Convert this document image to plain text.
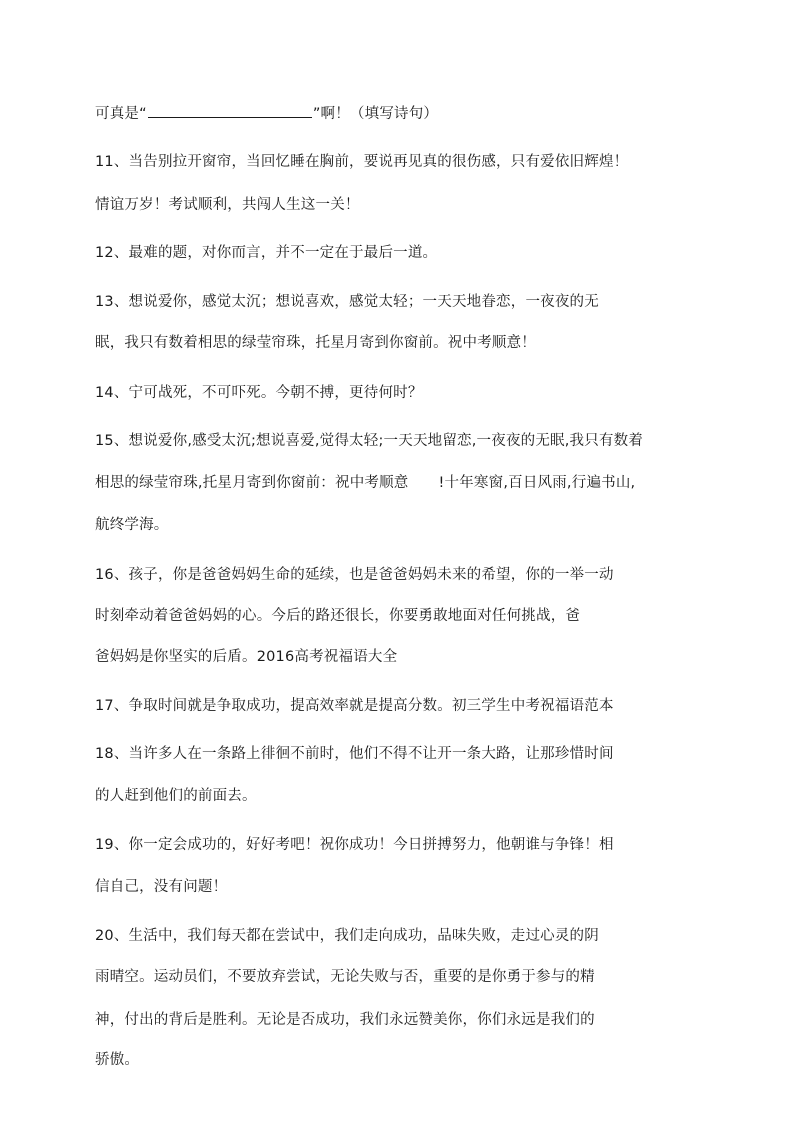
可真是“	”啊！（填写诗句）
11、当告别拉开窗帘，当回忆睡在胸前，要说再见真的很伤感，只有爱依旧辉煌！
情谊万岁！考试顺利，共闯人生这一关！
12、最难的题，对你而言，并不一定在于最后一道。
13、想说爱你，感觉太沉；想说喜欢，感觉太轻；一天天地眷恋，一夜夜的无
眠，我只有数着相思的绿莹帘珠，托星月寄到你窗前。祝中考顺意！
14、宁可战死，不可吓死。今朝不搏，更待何时？
15、想说爱你,感受太沉;想说喜爱,觉得太轻;一天天地留恋,一夜夜的无眠,我只有数着
相思的绿莹帘珠,托星月寄到你窗前：祝中考顺意 !十年寒窗,百日风雨,行遍书山,
航终学海。
16、孩子，你是爸爸妈妈生命的延续，也是爸爸妈妈未来的希望，你的一举一动
时刻牵动着爸爸妈妈的心。今后的路还很长，你要勇敢地面对任何挑战，爸
爸妈妈是你坚实的后盾。2016高考祝福语大全
17、争取时间就是争取成功，提高效率就是提高分数。初三学生中考祝福语范本
18、当许多人在一条路上徘徊不前时，他们不得不让开一条大路，让那珍惜时间
的人赶到他们的前面去。
19、你一定会成功的，好好考吧！祝你成功！今日拼搏努力，他朝谁与争锋！相
信自己，没有问题！
20、生活中，我们每天都在尝试中，我们走向成功，品味失败，走过心灵的阴
雨晴空。运动员们，不要放弃尝试，无论失败与否，重要的是你勇于参与的精
神，付出的背后是胜利。无论是否成功，我们永远赞美你，你们永远是我们的
骄傲。
